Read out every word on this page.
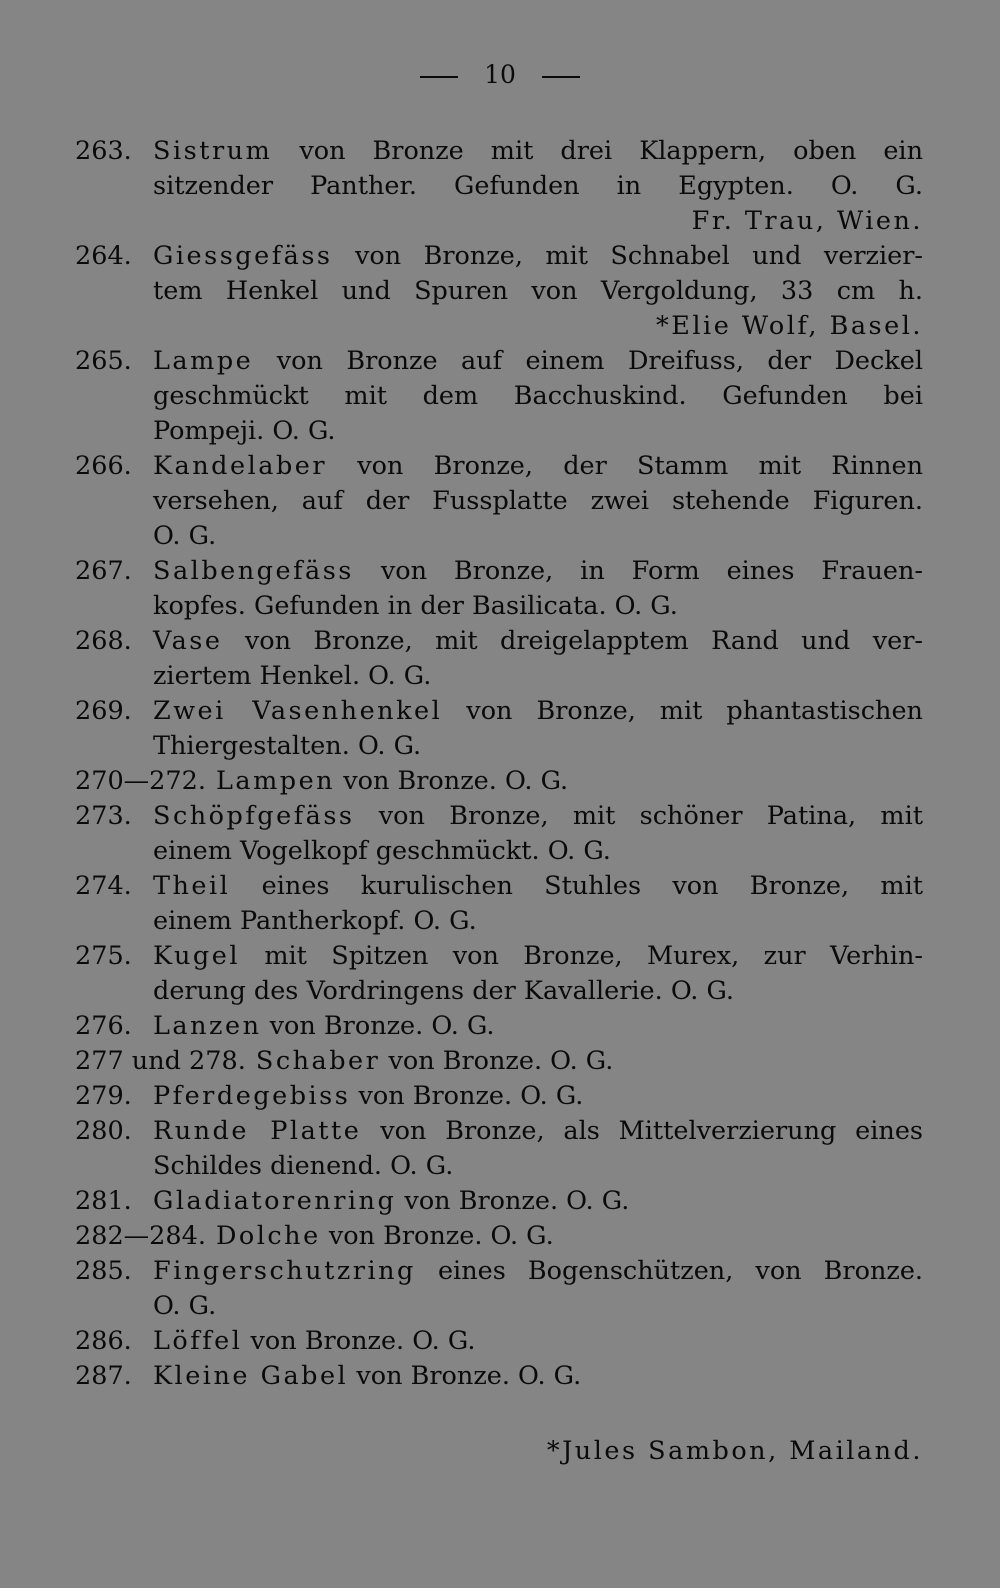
10
263. Sistrum von Bronze mit drei Klappern, oben ein
sitzender Panther. Gefunden in Egypten. O. G.
Fr. Trau, Wien.
264. Giessgefäss von Bronze, mit Schnabel und verzier-
tem Henkel und Spuren von Vergoldung, 33 cm h.
*Elie Wolf, Basel.
265. Lampe von Bronze auf einem Dreifuss, der Deckel
geschmückt mit dem Bacchuskind. Gefunden bei
Pompeji. O. G.
266. Kandelaber von Bronze, der Stamm mit Rinnen
versehen, auf der Fussplatte zwei stehende Figuren.
O. G.
267. Salbengefäss von Bronze, in Form eines Frauen-
kopfes. Gefunden in der Basilicata. O. G.
268. Vase von Bronze, mit dreigelapptem Rand und ver-
ziertem Henkel. O. G.
269. Zwei Vasenhenkel von Bronze, mit phantastischen
Thiergestalten. O. G.
270—272. Lampen von Bronze. O. G.
273. Schöpfgefäss von Bronze, mit schöner Patina, mit
einem Vogelkopf geschmückt. O. G.
274. Theil eines kurulischen Stuhles von Bronze, mit
einem Pantherkopf. O. G.
275. Kugel mit Spitzen von Bronze, Murex, zur Verhin-
derung des Vordringens der Kavallerie. O. G.
276. Lanzen von Bronze. O. G.
277 und 278. Schaber von Bronze. O. G.
279. Pferdegebiss von Bronze. O. G.
280. Runde Platte von Bronze, als Mittelverzierung eines
Schildes dienend. O. G.
281. Gladiatorenring von Bronze. O. G.
282—284. Dolche von Bronze. O. G.
285. Fingerschutzring eines Bogenschützen, von Bronze.
O. G.
286. Löffel von Bronze. O. G.
287. Kleine Gabel von Bronze. O. G.
*Jules Sambon, Mailand.
